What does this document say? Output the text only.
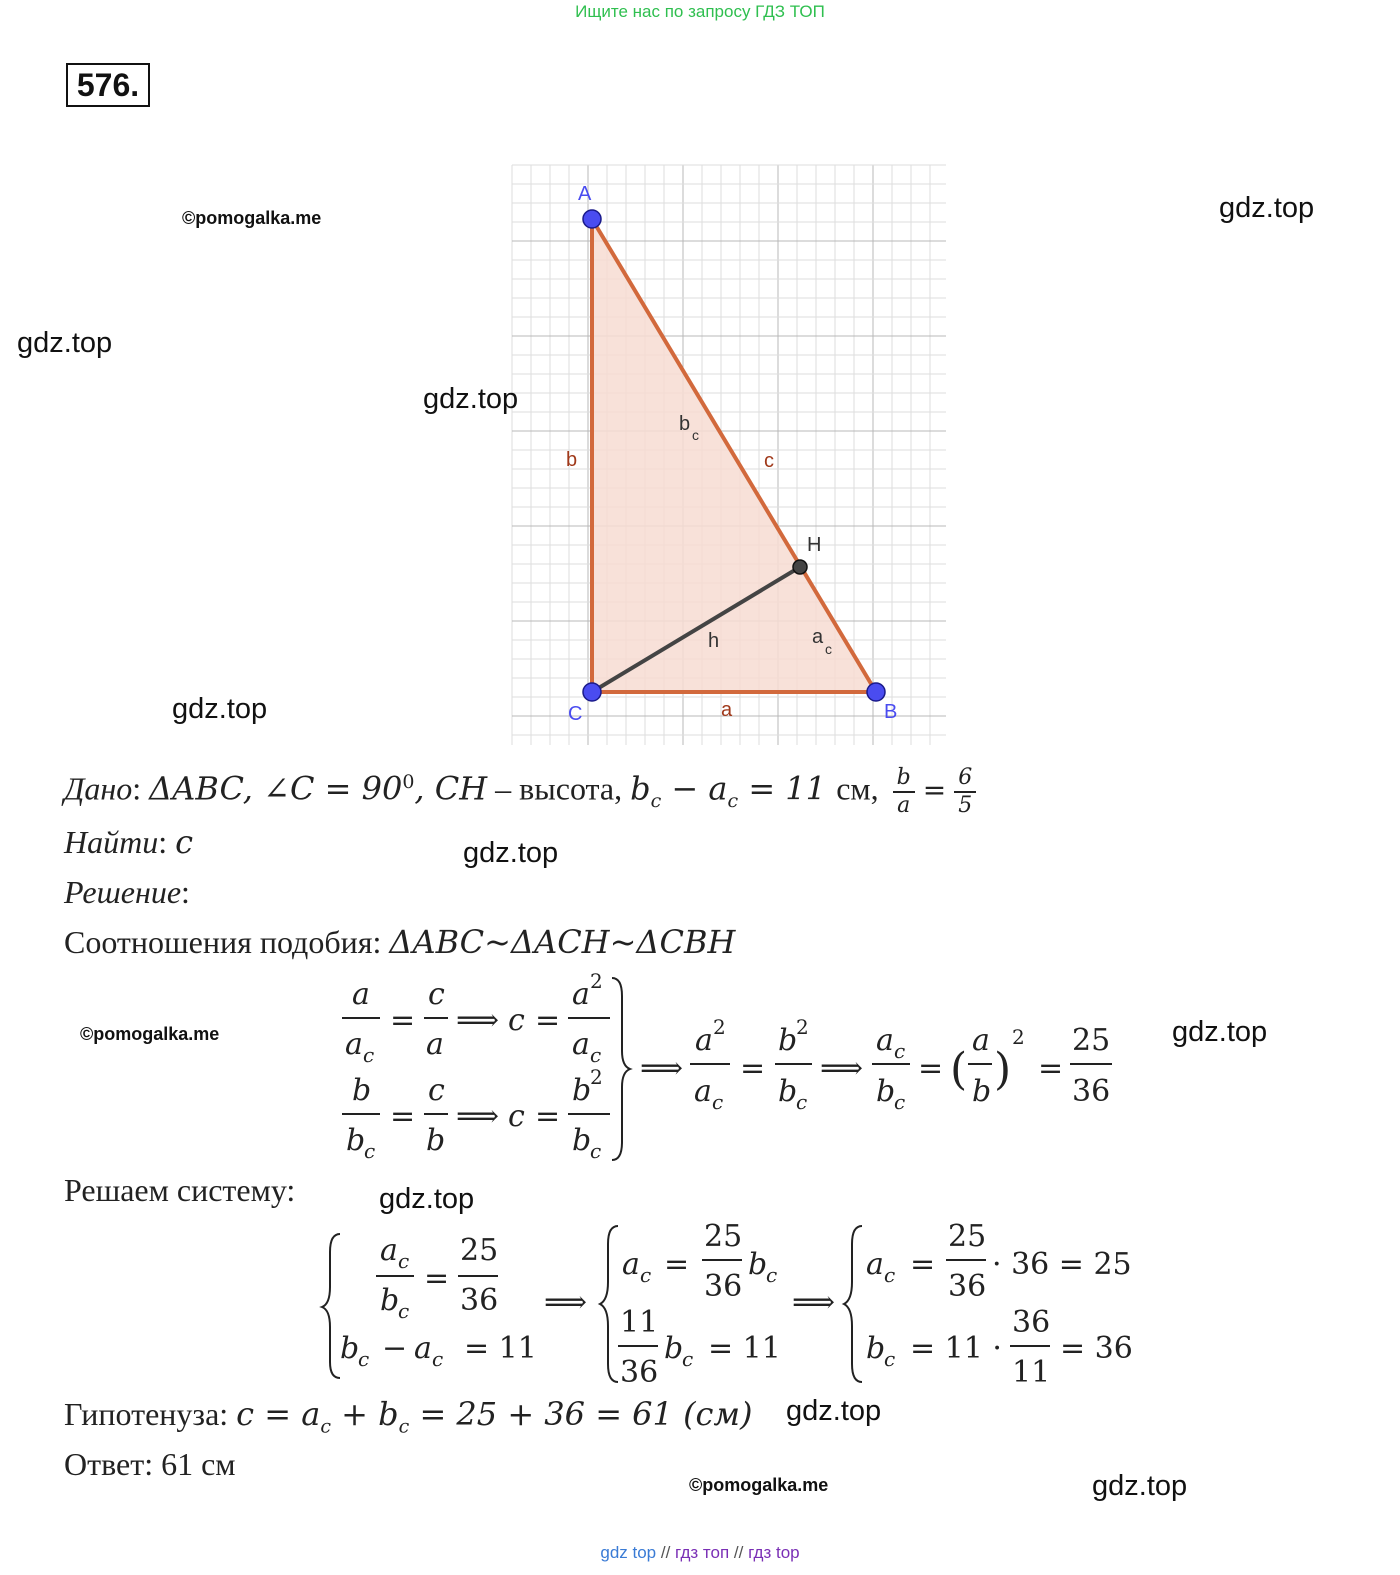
Ищите нас по запросу ГДЗ ТОП
576.
A
C	B
H
b	c
a
h
b c
a
c
©pomogalka.me	gdz.top
gdz.top
gdz.top
gdz.top
gdz.top
©pomogalka.me	gdz.top
gdz.top
gdz.top
©pomogalka.me	gdz.top
Дано: ΔABC, ∠C = $90^0$, CH – высота, $b_c - a_c = 11$ см, $\frac{b}{a} = \frac{6}{5}$
Найти: c
Решение:
Соотношения подобия: ΔABC~ΔACH~ΔCBH
a
a c
=
c
a
⟹ c =
a 2
a c
b
b
c
=
c
b
⟹ c =
b
2
b
c
⟹
a 2
a c
=
b
2
b
c
⟹
a c
b
c
= (
a
b )
2
=
25
36
Решаем систему:
a c
b
c
=
25
36
b
c − a c = 11
⟹
a c =
25
36
b
c
11
36
b
c = 11
⟹
a c =
25
36
· 36 = 25
b
c = 11 ·
36
11
= 36
Гипотенуза: $c = a_c + b_c = 25 + 36 = 61$ (см)
Ответ: 61 см
gdz top // гдз топ // гдз top
